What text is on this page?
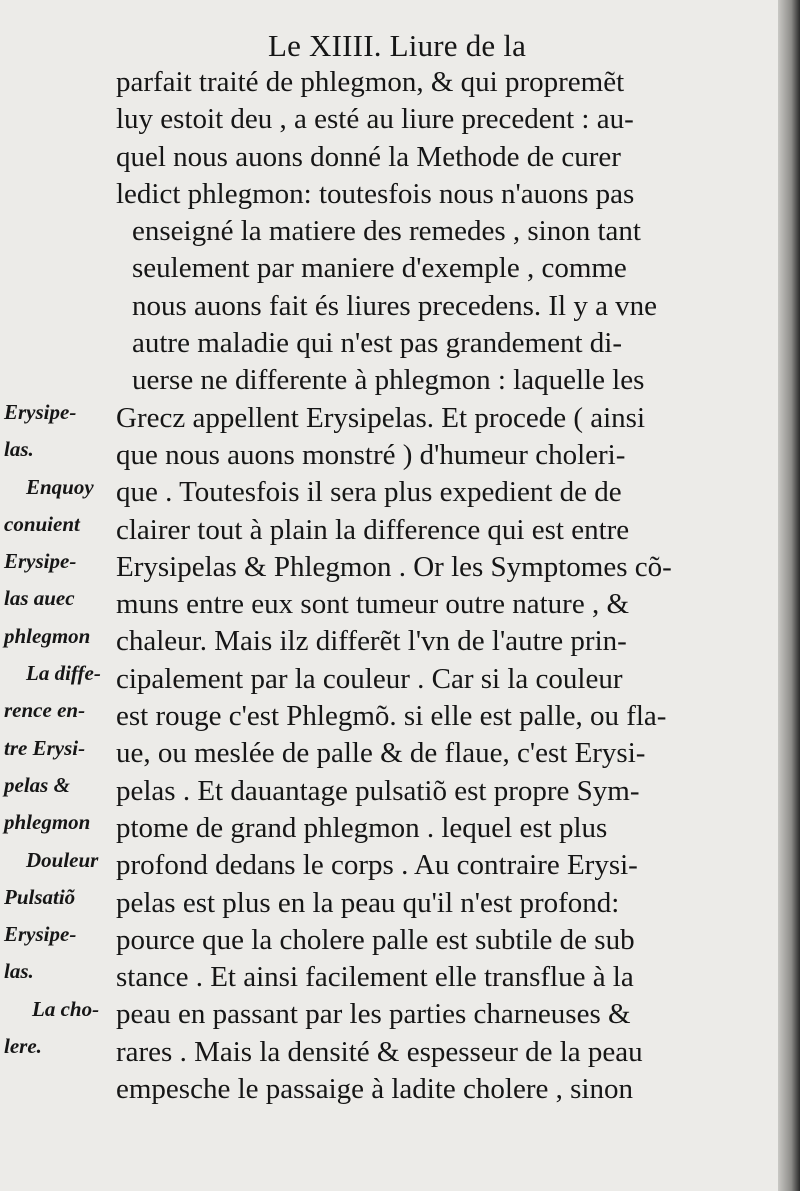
Le XIIII. Liure de la
parfait traité de phlegmon, & qui propremẽt
luy estoit deu , a esté au liure precedent : au-
quel nous auons donné la Methode de curer
ledict phlegmon: toutesfois nous n'auons pas
enseigné la matiere des remedes , sinon tant
seulement par maniere d'exemple , comme
nous auons fait és liures precedens. Il y a vne
autre maladie qui n'est pas grandement di-
uerse ne differente à phlegmon : laquelle les
Grecz appellent Erysipelas. Et procede ( ainsi
que nous auons monstré ) d'humeur choleri-
que . Toutesfois il sera plus expedient de de
clairer tout à plain la difference qui est entre
Erysipelas & Phlegmon . Or les Symptomes cõ-
muns entre eux sont tumeur outre nature , &
chaleur. Mais ilz differẽt l'vn de l'autre prin-
cipalement par la couleur . Car si la couleur
est rouge c'est Phlegmõ. si elle est palle, ou fla-
ue, ou meslée de palle & de flaue, c'est Erysi-
pelas . Et dauantage pulsatiõ est propre Sym-
ptome de grand phlegmon . lequel est plus
profond dedans le corps . Au contraire Erysi-
pelas est plus en la peau qu'il n'est profond:
pource que la cholere palle est subtile de sub
stance . Et ainsi facilement elle transflue à la
peau en passant par les parties charneuses &
rares . Mais la densité & espesseur de la peau
empesche le passaige à ladite cholere , sinon
Erysipe-
las.
Enquoy
conuient
Erysipe-
las auec
phlegmon
La diffe-
rence en-
tre Erysi-
pelas &
phlegmon
Douleur
Pulsatiõ
Erysipe-
las.
La cho-
lere.
